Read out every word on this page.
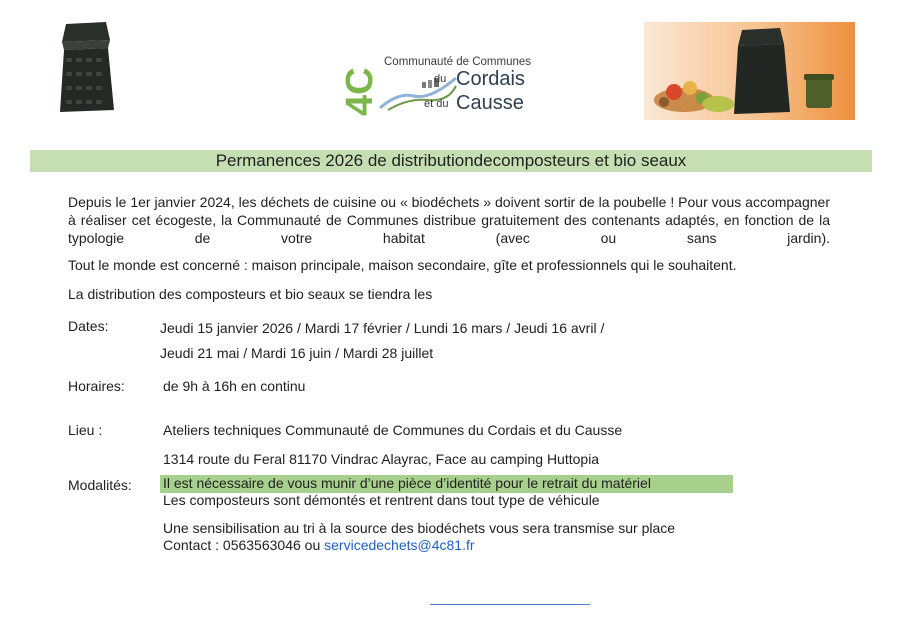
4C
Communauté de Communes
du Cordais
et du Causse
Permanences 2026 de distributiondecomposteurs et bio seaux
Depuis le 1er janvier 2024, les déchets de cuisine ou « biodéchets » doivent sortir de la poubelle ! Pour vous accompagner à réaliser cet écogeste, la Communauté de Communes distribue gratuitement des contenants adaptés, en fonction de la typologie de votre habitat (avec ou sans jardin).
Tout le monde est concerné : maison principale, maison secondaire, gîte et professionnels qui le souhaitent.
La distribution des composteurs et bio seaux se tiendra les
Dates:	Jeudi 15 janvier 2026 / Mardi 17 février / Lundi 16 mars / Jeudi 16 avril /
Jeudi 21 mai / Mardi 16 juin / Mardi 28 juillet
Horaires:	de 9h à 16h en continu
Lieu :	Ateliers techniques Communauté de Communes du Cordais et du Causse
1314 route du Feral 81170 Vindrac Alayrac, Face au camping Huttopia
Modalités: Il est nécessaire de vous munir d’une pièce d’identité pour le retrait du matériel
Les composteurs sont démontés et rentrent dans tout type de véhicule
Une sensibilisation au tri à la source des biodéchets vous sera transmise sur place
Contact : 0563563046 ou servicedechets@4c81.fr
